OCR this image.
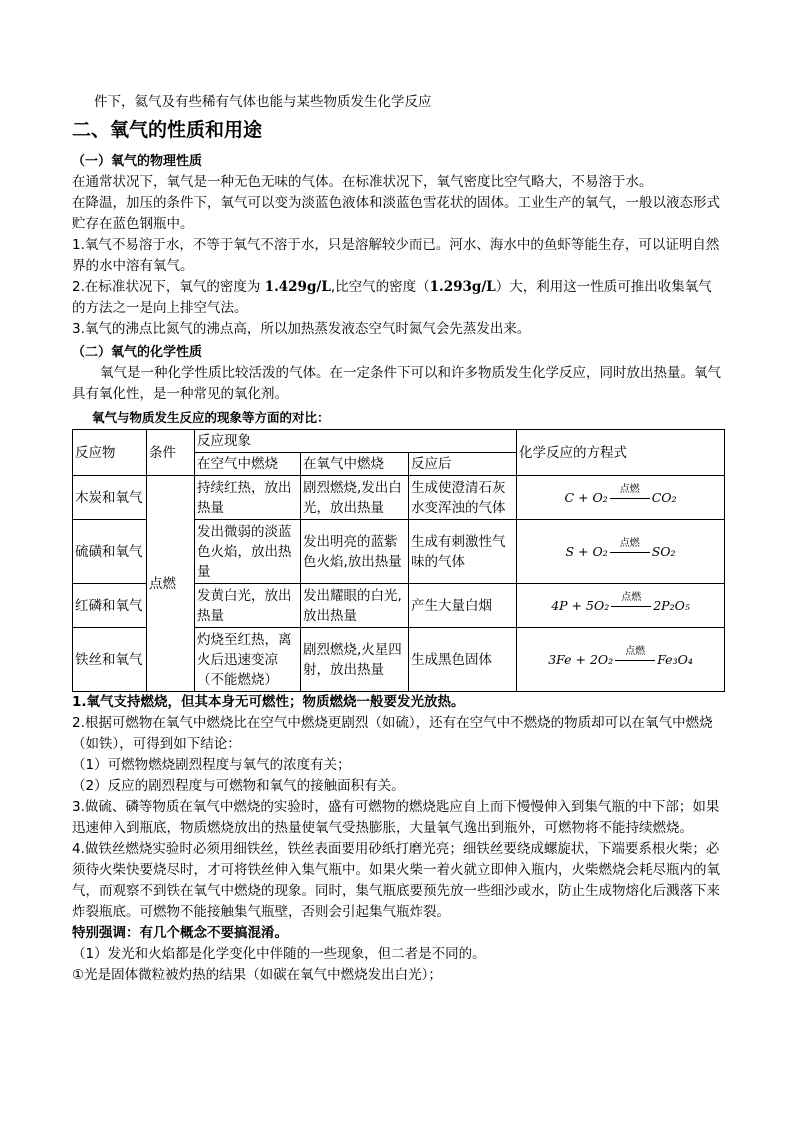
件下，氦气及有些稀有气体也能与某些物质发生化学反应

二、氧气的性质和用途

（一）氧气的物理性质

在通常状况下，氧气是一种无色无味的气体。在标准状况下，氧气密度比空气略大，不易溶于水。

在降温，加压的条件下，氧气可以变为淡蓝色液体和淡蓝色雪花状的固体。工业生产的氧气，一般以液态形式贮存在蓝色钢瓶中。

1.氧气不易溶于水，不等于氧气不溶于水，只是溶解较少而已。河水、海水中的鱼虾等能生存，可以证明自然界的水中溶有氧气。

2.在标准状况下，氧气的密度为 1.429g/L,比空气的密度（1.293g/L）大，利用这一性质可推出收集氧气的方法之一是向上排空气法。

3.氧气的沸点比氮气的沸点高，所以加热蒸发液态空气时氮气会先蒸发出来。

（二）氧气的化学性质

氧气是一种化学性质比较活泼的气体。在一定条件下可以和许多物质发生化学反应，同时放出热量。氧气具有氧化性，是一种常见的氧化剂。

氧气与物质发生反应的现象等方面的对比：

反应物	条件	反应现象			化学反应的方程式
		在空气中燃烧	在氧气中燃烧	反应后	
木炭和氧气	点燃	持续红热，放出热量	剧烈燃烧,发出白光，放出热量	生成使澄清石灰水变浑浊的气体	C + O₂ 点燃 CO₂
硫磺和氧气		发出微弱的淡蓝色火焰，放出热量	发出明亮的蓝紫色火焰,放出热量	生成有刺激性气味的气体	S + O₂ 点燃 SO₂
红磷和氧气		发黄白光，放出热量	发出耀眼的白光,放出热量	产生大量白烟	4P + 5O₂ 点燃 2P₂O₅
铁丝和氧气		灼烧至红热，离火后迅速变凉（不能燃烧）	剧烈燃烧,火星四射，放出热量	生成黑色固体	3Fe + 2O₂ 点燃 Fe₃O₄

1.氧气支持燃烧，但其本身无可燃性；物质燃烧一般要发光放热。

2.根据可燃物在氧气中燃烧比在空气中燃烧更剧烈（如硫），还有在空气中不燃烧的物质却可以在氧气中燃烧（如铁），可得到如下结论：

（1）可燃物燃烧剧烈程度与氧气的浓度有关；

（2）反应的剧烈程度与可燃物和氧气的接触面积有关。

3.做硫、磷等物质在氧气中燃烧的实验时，盛有可燃物的燃烧匙应自上而下慢慢伸入到集气瓶的中下部；如果迅速伸入到瓶底，物质燃烧放出的热量使氧气受热膨胀，大量氧气逸出到瓶外，可燃物将不能持续燃烧。

4.做铁丝燃烧实验时必须用细铁丝，铁丝表面要用砂纸打磨光亮；细铁丝要绕成螺旋状，下端要系根火柴；必须待火柴快要烧尽时，才可将铁丝伸入集气瓶中。如果火柴一着火就立即伸入瓶内，火柴燃烧会耗尽瓶内的氧气，而观察不到铁在氧气中燃烧的现象。同时，集气瓶底要预先放一些细沙或水，防止生成物熔化后溅落下来炸裂瓶底。可燃物不能接触集气瓶壁，否则会引起集气瓶炸裂。

特别强调：有几个概念不要搞混淆。

（1）发光和火焰都是化学变化中伴随的一些现象，但二者是不同的。

①光是固体微粒被灼热的结果（如碳在氧气中燃烧发出白光）；
